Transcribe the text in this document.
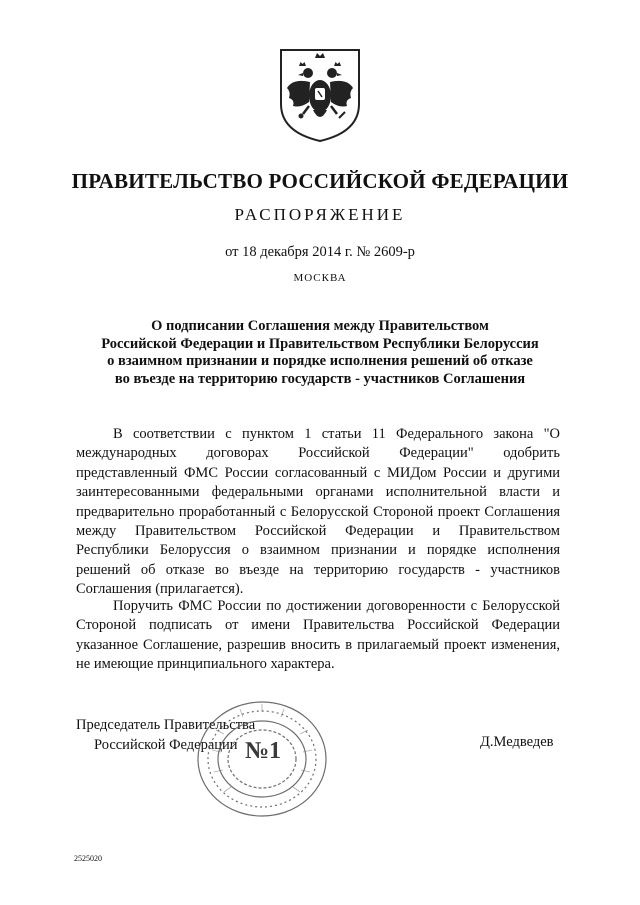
ПРАВИТЕЛЬСТВО РОССИЙСКОЙ ФЕДЕРАЦИИ
РАСПОРЯЖЕНИЕ
от 18 декабря 2014 г. № 2609-р
МОСКВА
О подписании Соглашения между Правительством
Российской Федерации и Правительством Республики Белоруссия
о взаимном признании и порядке исполнения решений об отказе
во въезде на территорию государств - участников Соглашения

В соответствии с пунктом 1 статьи 11 Федерального закона "О международных договорах Российской Федерации" одобрить представленный ФМС России согласованный с МИДом России и другими заинтересованными федеральными органами исполнительной власти и предварительно проработанный с Белорусской Стороной проект Соглашения между Правительством Российской Федерации и Правительством Республики Белоруссия о взаимном признании и порядке исполнения решений об отказе во въезде на территорию государств - участников Соглашения (прилагается).

Поручить ФМС России по достижении договоренности с Белорусской Стороной подписать от имени Правительства Российской Федерации указанное Соглашение, разрешив вносить в прилагаемый проект изменения, не имеющие принципиального характера.

Председатель Правительства
Российской Федерации	Д.Медведев
№1
2525020
